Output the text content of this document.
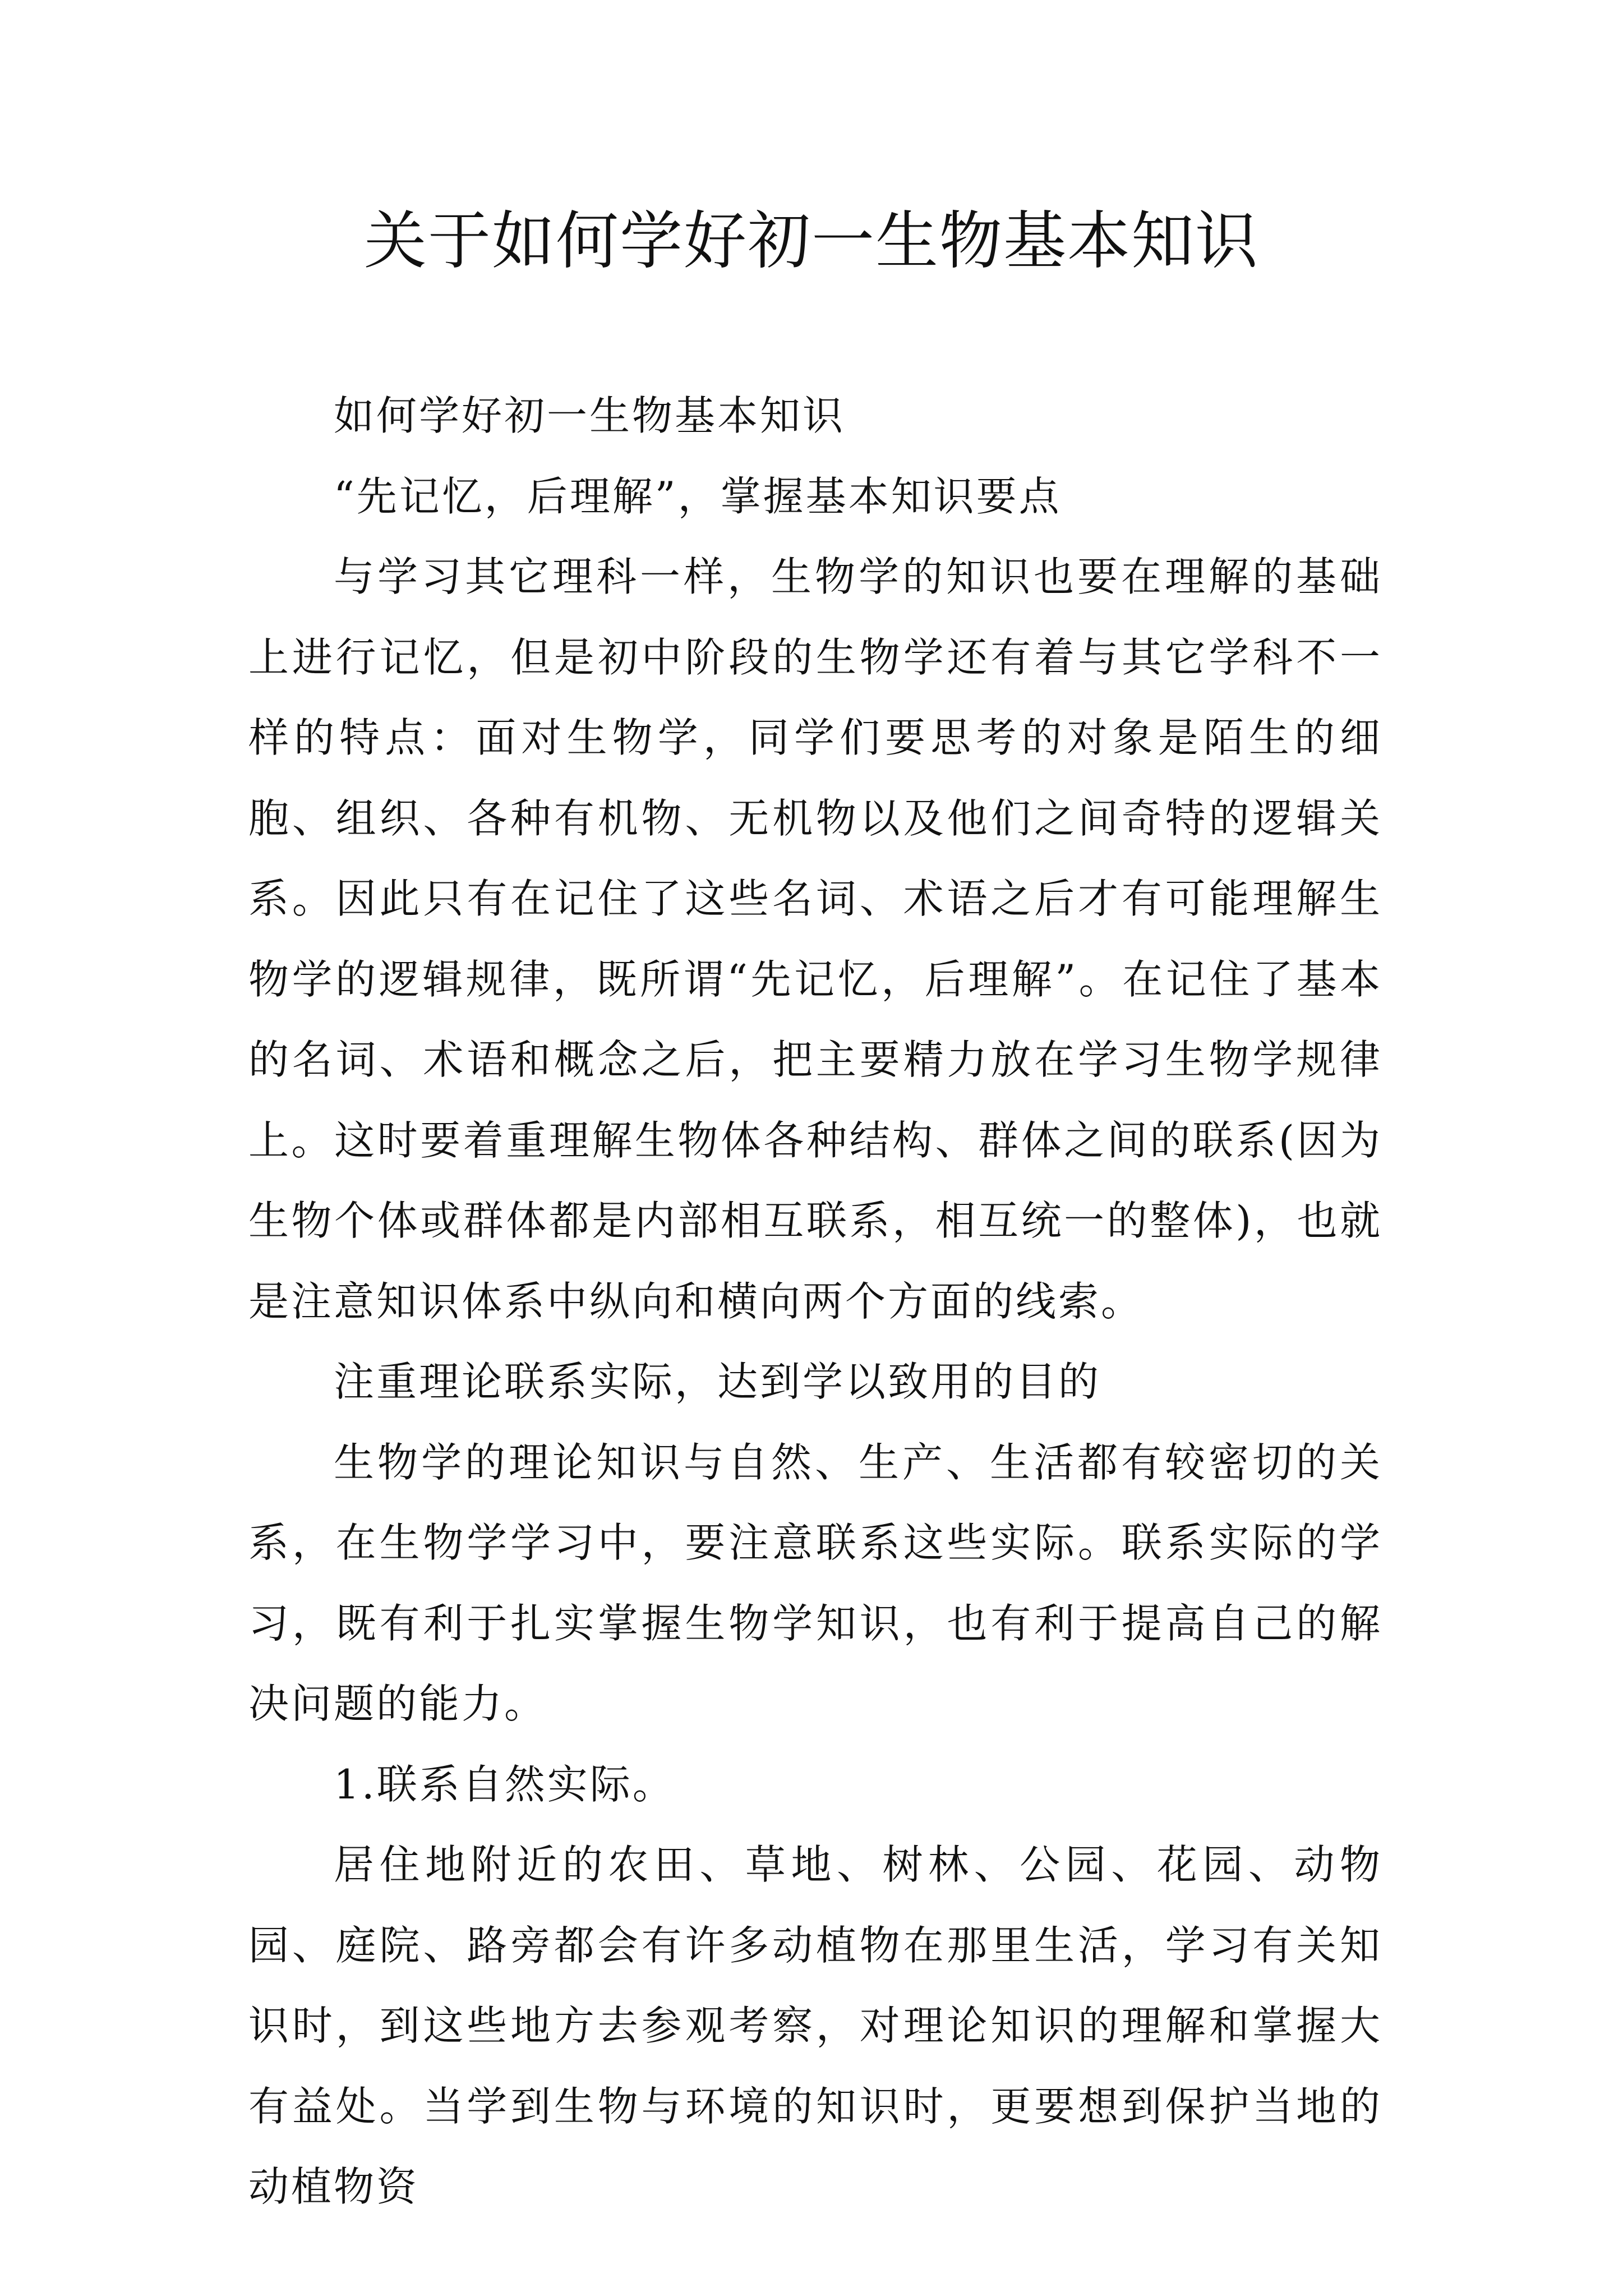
关于如何学好初一生物基本知识

如何学好初一生物基本知识

“先记忆，后理解”，掌握基本知识要点

与学习其它理科一样，生物学的知识也要在理解的基础上进行记忆，但是初中阶段的生物学还有着与其它学科不一样的特点：面对生物学，同学们要思考的对象是陌生的细胞、组织、各种有机物、无机物以及他们之间奇特的逻辑关系。因此只有在记住了这些名词、术语之后才有可能理解生物学的逻辑规律，既所谓“先记忆，后理解”。在记住了基本的名词、术语和概念之后，把主要精力放在学习生物学规律上。这时要着重理解生物体各种结构、群体之间的联系(因为生物个体或群体都是内部相互联系，相互统一的整体)，也就是注意知识体系中纵向和横向两个方面的线索。

注重理论联系实际，达到学以致用的目的

生物学的理论知识与自然、生产、生活都有较密切的关系，在生物学学习中，要注意联系这些实际。联系实际的学习，既有利于扎实掌握生物学知识，也有利于提高自己的解决问题的能力。

1.联系自然实际。

居住地附近的农田、草地、树林、公园、花园、动物园、庭院、路旁都会有许多动植物在那里生活，学习有关知识时，到这些地方去参观考察，对理论知识的理解和掌握大有益处。当学到生物与环境的知识时，更要想到保护当地的动植物资
